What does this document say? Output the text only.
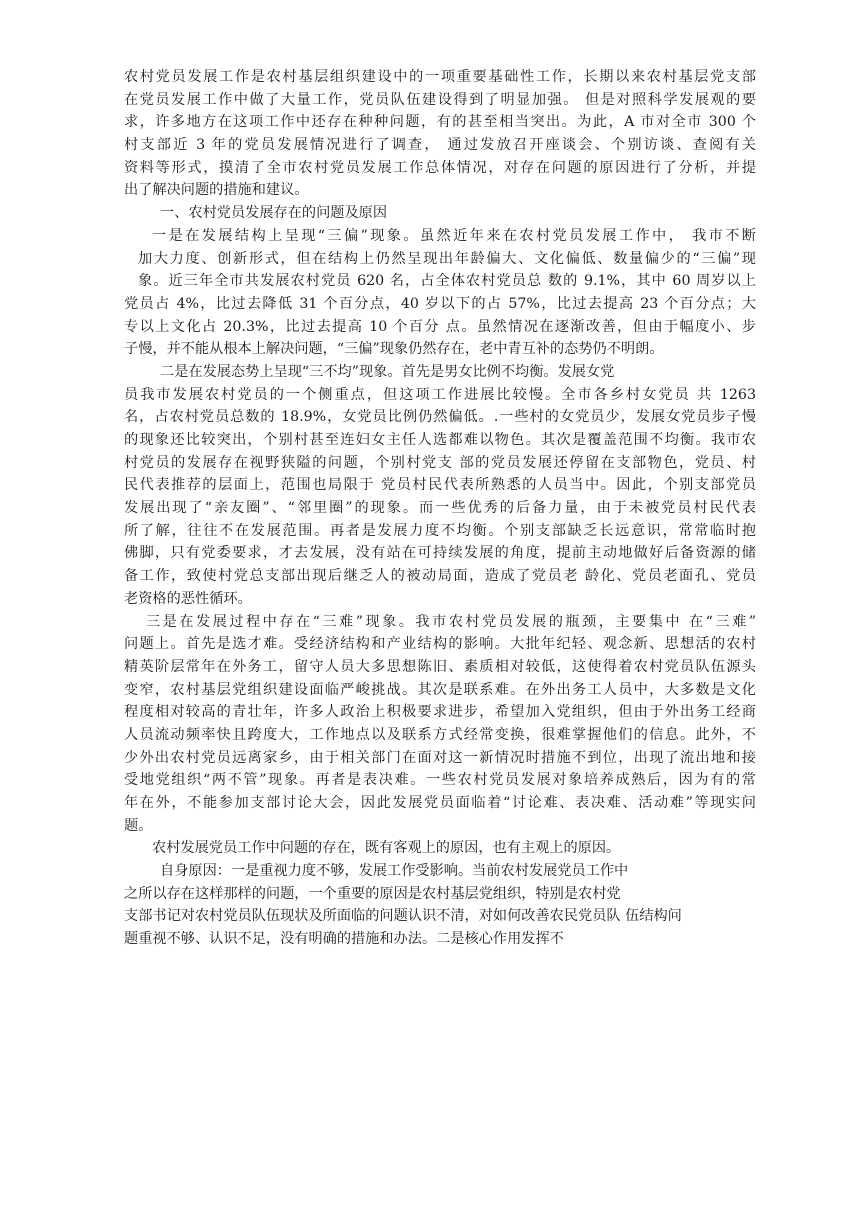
农村党员发展工作是农村基层组织建设中的一项重要基础性工作，长期以来农村基层党支部
在党员发展工作中做了大量工作，党员队伍建设得到了明显加强。 但是对照科学发展观的要
求，许多地方在这项工作中还存在种种问题，有的甚至相当突出。为此，A 市对全市 300 个
村支部近 3 年的党员发展情况进行了调查， 通过发放召开座谈会、个别访谈、查阅有关
资料等形式，摸清了全市农村党员发展工作总体情况，对存在问题的原因进行了分析，并提
出了解决问题的措施和建议。
一、农村党员发展存在的问题及原因
一是在发展结构上呈现“三偏”现象。虽然近年来在农村党员发展工作中， 我市不断
加大力度、创新形式，但在结构上仍然呈现出年龄偏大、文化偏低、数量偏少的“三偏”现
象。近三年全市共发展农村党员 620 名，占全体农村党员总 数的 9.1%，其中 60 周岁以上
党员占 4%，比过去降低 31 个百分点，40 岁以下的占 57%，比过去提高 23 个百分点；大
专以上文化占 20.3%，比过去提高 10 个百分 点。虽然情况在逐渐改善，但由于幅度小、步
子慢，并不能从根本上解决问题，“三偏”现象仍然存在，老中青互补的态势仍不明朗。
二是在发展态势上呈现“三不均”现象。首先是男女比例不均衡。发展女党
员我市发展农村党员的一个侧重点，但这项工作进展比较慢。全市各乡村女党员 共 1263
名，占农村党员总数的 18.9%，女党员比例仍然偏低。.一些村的女党员少，发展女党员步子慢
的现象还比较突出，个别村甚至连妇女主任人选都难以物色。其次是覆盖范围不均衡。我市农
村党员的发展存在视野狭隘的问题，个别村党支 部的党员发展还停留在支部物色，党员、村
民代表推荐的层面上，范围也局限于 党员村民代表所熟悉的人员当中。因此，个别支部党员
发展出现了“亲友圈”、“邻里圈”的现象。而一些优秀的后备力量，由于未被党员村民代表
所了解，往往不在发展范围。再者是发展力度不均衡。个别支部缺乏长远意识，常常临时抱
佛脚，只有党委要求，才去发展，没有站在可持续发展的角度，提前主动地做好后备资源的储
备工作，致使村党总支部出现后继乏人的被动局面，造成了党员老 龄化、党员老面孔、党员
老资格的恶性循环。
三是在发展过程中存在“三难”现象。我市农村党员发展的瓶颈，主要集中 在“三难”
问题上。首先是选才难。受经济结构和产业结构的影响。大批年纪轻、观念新、思想活的农村
精英阶层常年在外务工，留守人员大多思想陈旧、素质相对较低，这使得着农村党员队伍源头
变窄，农村基层党组织建设面临严峻挑战。其次是联系难。在外出务工人员中，大多数是文化
程度相对较高的青壮年，许多人政治上积极要求进步，希望加入党组织，但由于外出务工经商
人员流动频率快且跨度大，工作地点以及联系方式经常变换，很难掌握他们的信息。此外，不
少外出农村党员远离家乡，由于相关部门在面对这一新情况时措施不到位，出现了流出地和接
受地党组织“两不管”现象。再者是表决难。一些农村党员发展对象培养成熟后，因为有的常
年在外，不能参加支部讨论大会，因此发展党员面临着“讨论难、表决难、活动难”等现实问
题。
农村发展党员工作中问题的存在，既有客观上的原因，也有主观上的原因。
自身原因：一是重视力度不够，发展工作受影响。当前农村发展党员工作中
之所以存在这样那样的问题，一个重要的原因是农村基层党组织，特别是农村党
支部书记对农村党员队伍现状及所面临的问题认识不清，对如何改善农民党员队 伍结构问
题重视不够、认识不足，没有明确的措施和办法。二是核心作用发挥不
